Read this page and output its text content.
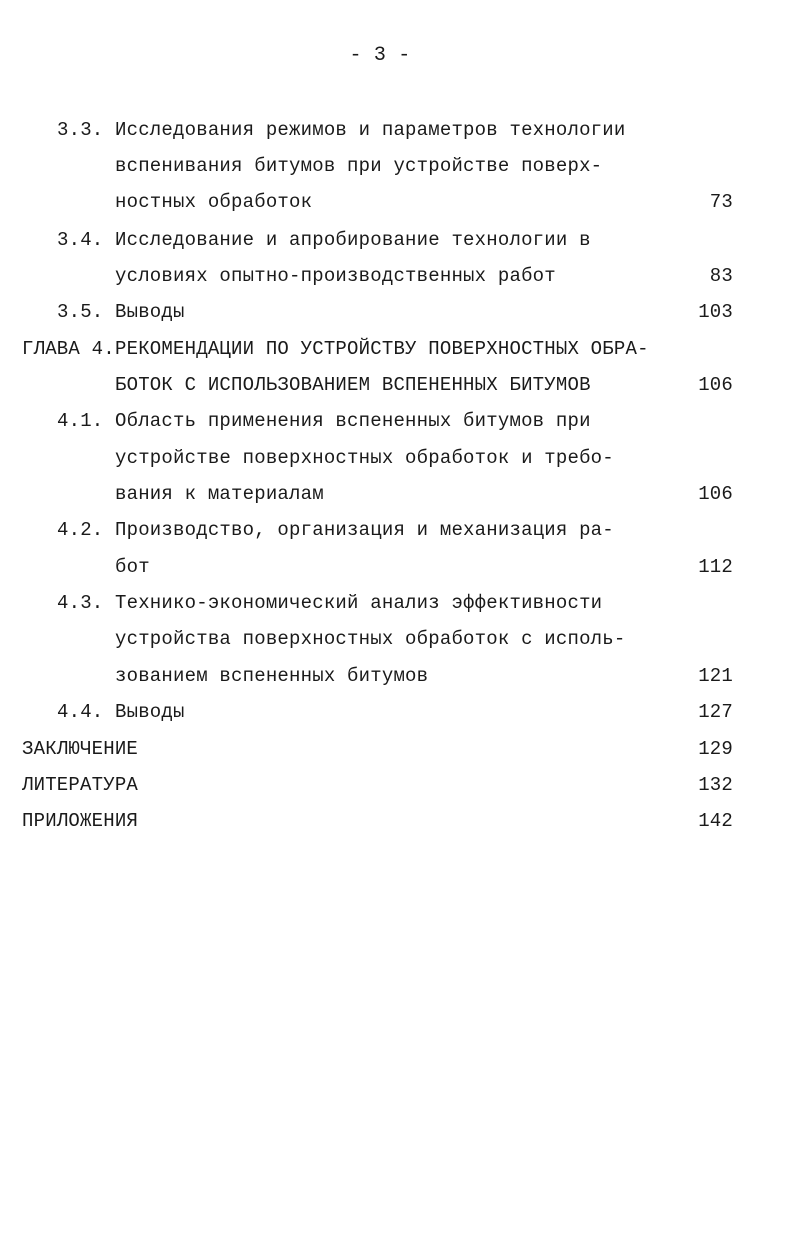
- 3 -
3.3. Исследования режимов и параметров технологии
вспенивания битумов при устройстве поверх-
ностных обработок	73
3.4. Исследование и апробирование технологии в
условиях опытно-производственных работ	83
3.5. Выводы	103
ГЛАВА 4. РЕКОМЕНДАЦИИ ПО УСТРОЙСТВУ ПОВЕРХНОСТНЫХ ОБРА-
БОТОК С ИСПОЛЬЗОВАНИЕМ ВСПЕНЕННЫХ БИТУМОВ	106
4.1. Область применения вспененных битумов при
устройстве поверхностных обработок и требо-
вания к материалам	106
4.2. Производство, организация и механизация ра-
бот	112
4.3. Технико-экономический анализ эффективности
устройства поверхностных обработок с исполь-
зованием вспененных битумов	121
4.4. Выводы	127
ЗАКЛЮЧЕНИЕ	129
ЛИТЕРАТУРА	132
ПРИЛОЖЕНИЯ	142
